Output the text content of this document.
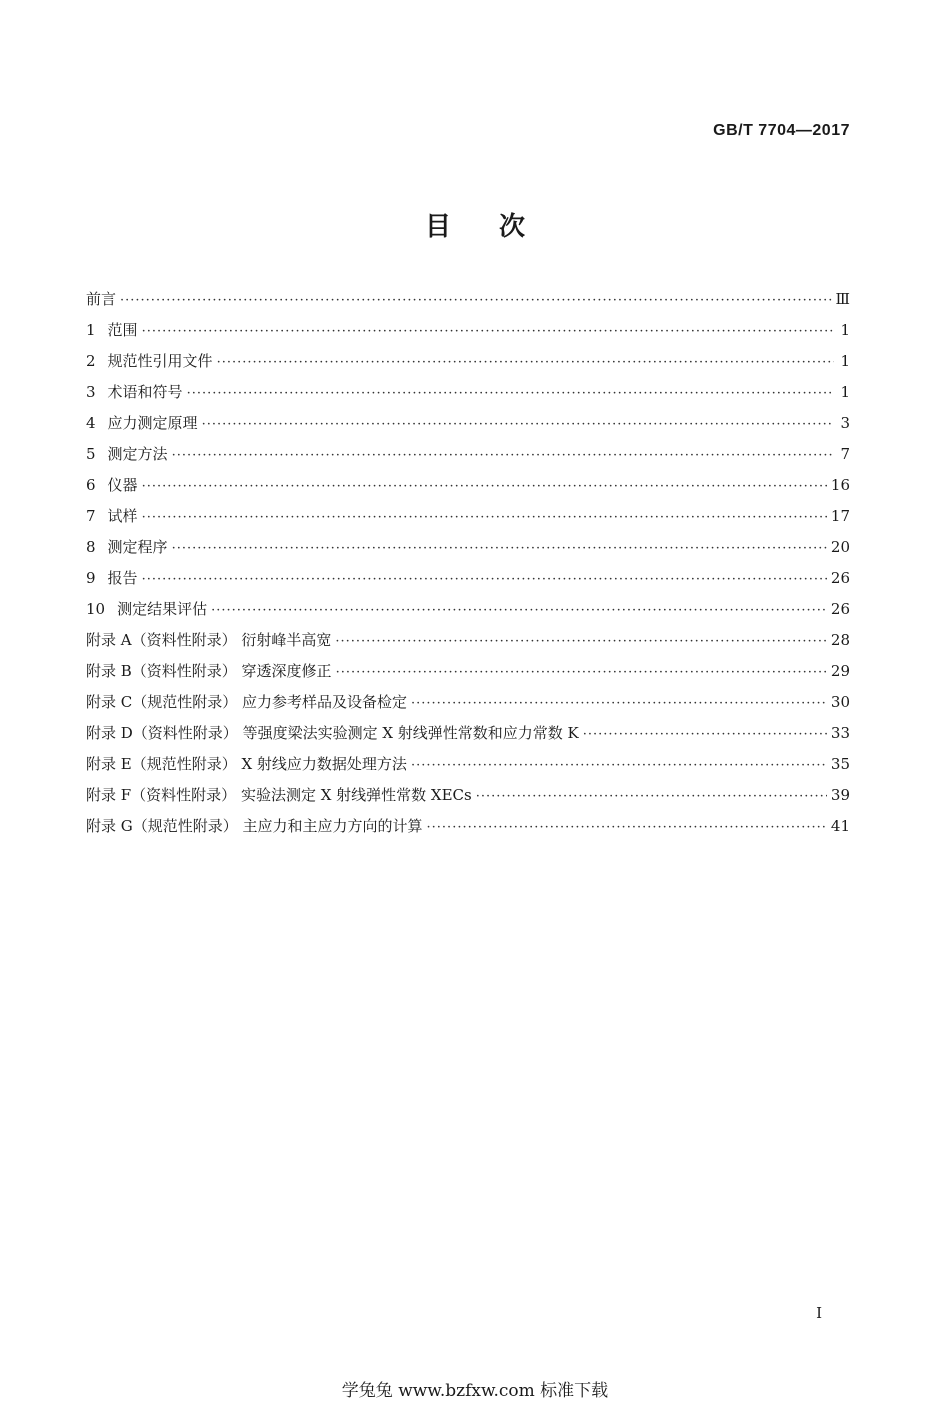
GB/T 7704—2017
目次
前言 ·····	Ⅲ
1 范围 ·····	1
2 规范性引用文件 ·····	1
3 术语和符号 ·····	1
4 应力测定原理 ·····	3
5 测定方法 ·····	7
6 仪器 ·····	16
7 试样 ·····	17
8 测定程序 ·····	20
9 报告 ·····	26
10 测定结果评估 ·····	26
附录 A（资料性附录） 衍射峰半高宽 ·····	28
附录 B（资料性附录） 穿透深度修正 ·····	29
附录 C（规范性附录） 应力参考样品及设备检定 ·····	30
附录 D（资料性附录） 等强度梁法实验测定 X 射线弹性常数和应力常数 K ·····	33
附录 E（规范性附录） X 射线应力数据处理方法 ·····	35
附录 F（资料性附录） 实验法测定 X 射线弹性常数 XECs ·····	39
附录 G（规范性附录） 主应力和主应力方向的计算 ·····	41
I
学兔兔 www.bzfxw.com 标准下载
